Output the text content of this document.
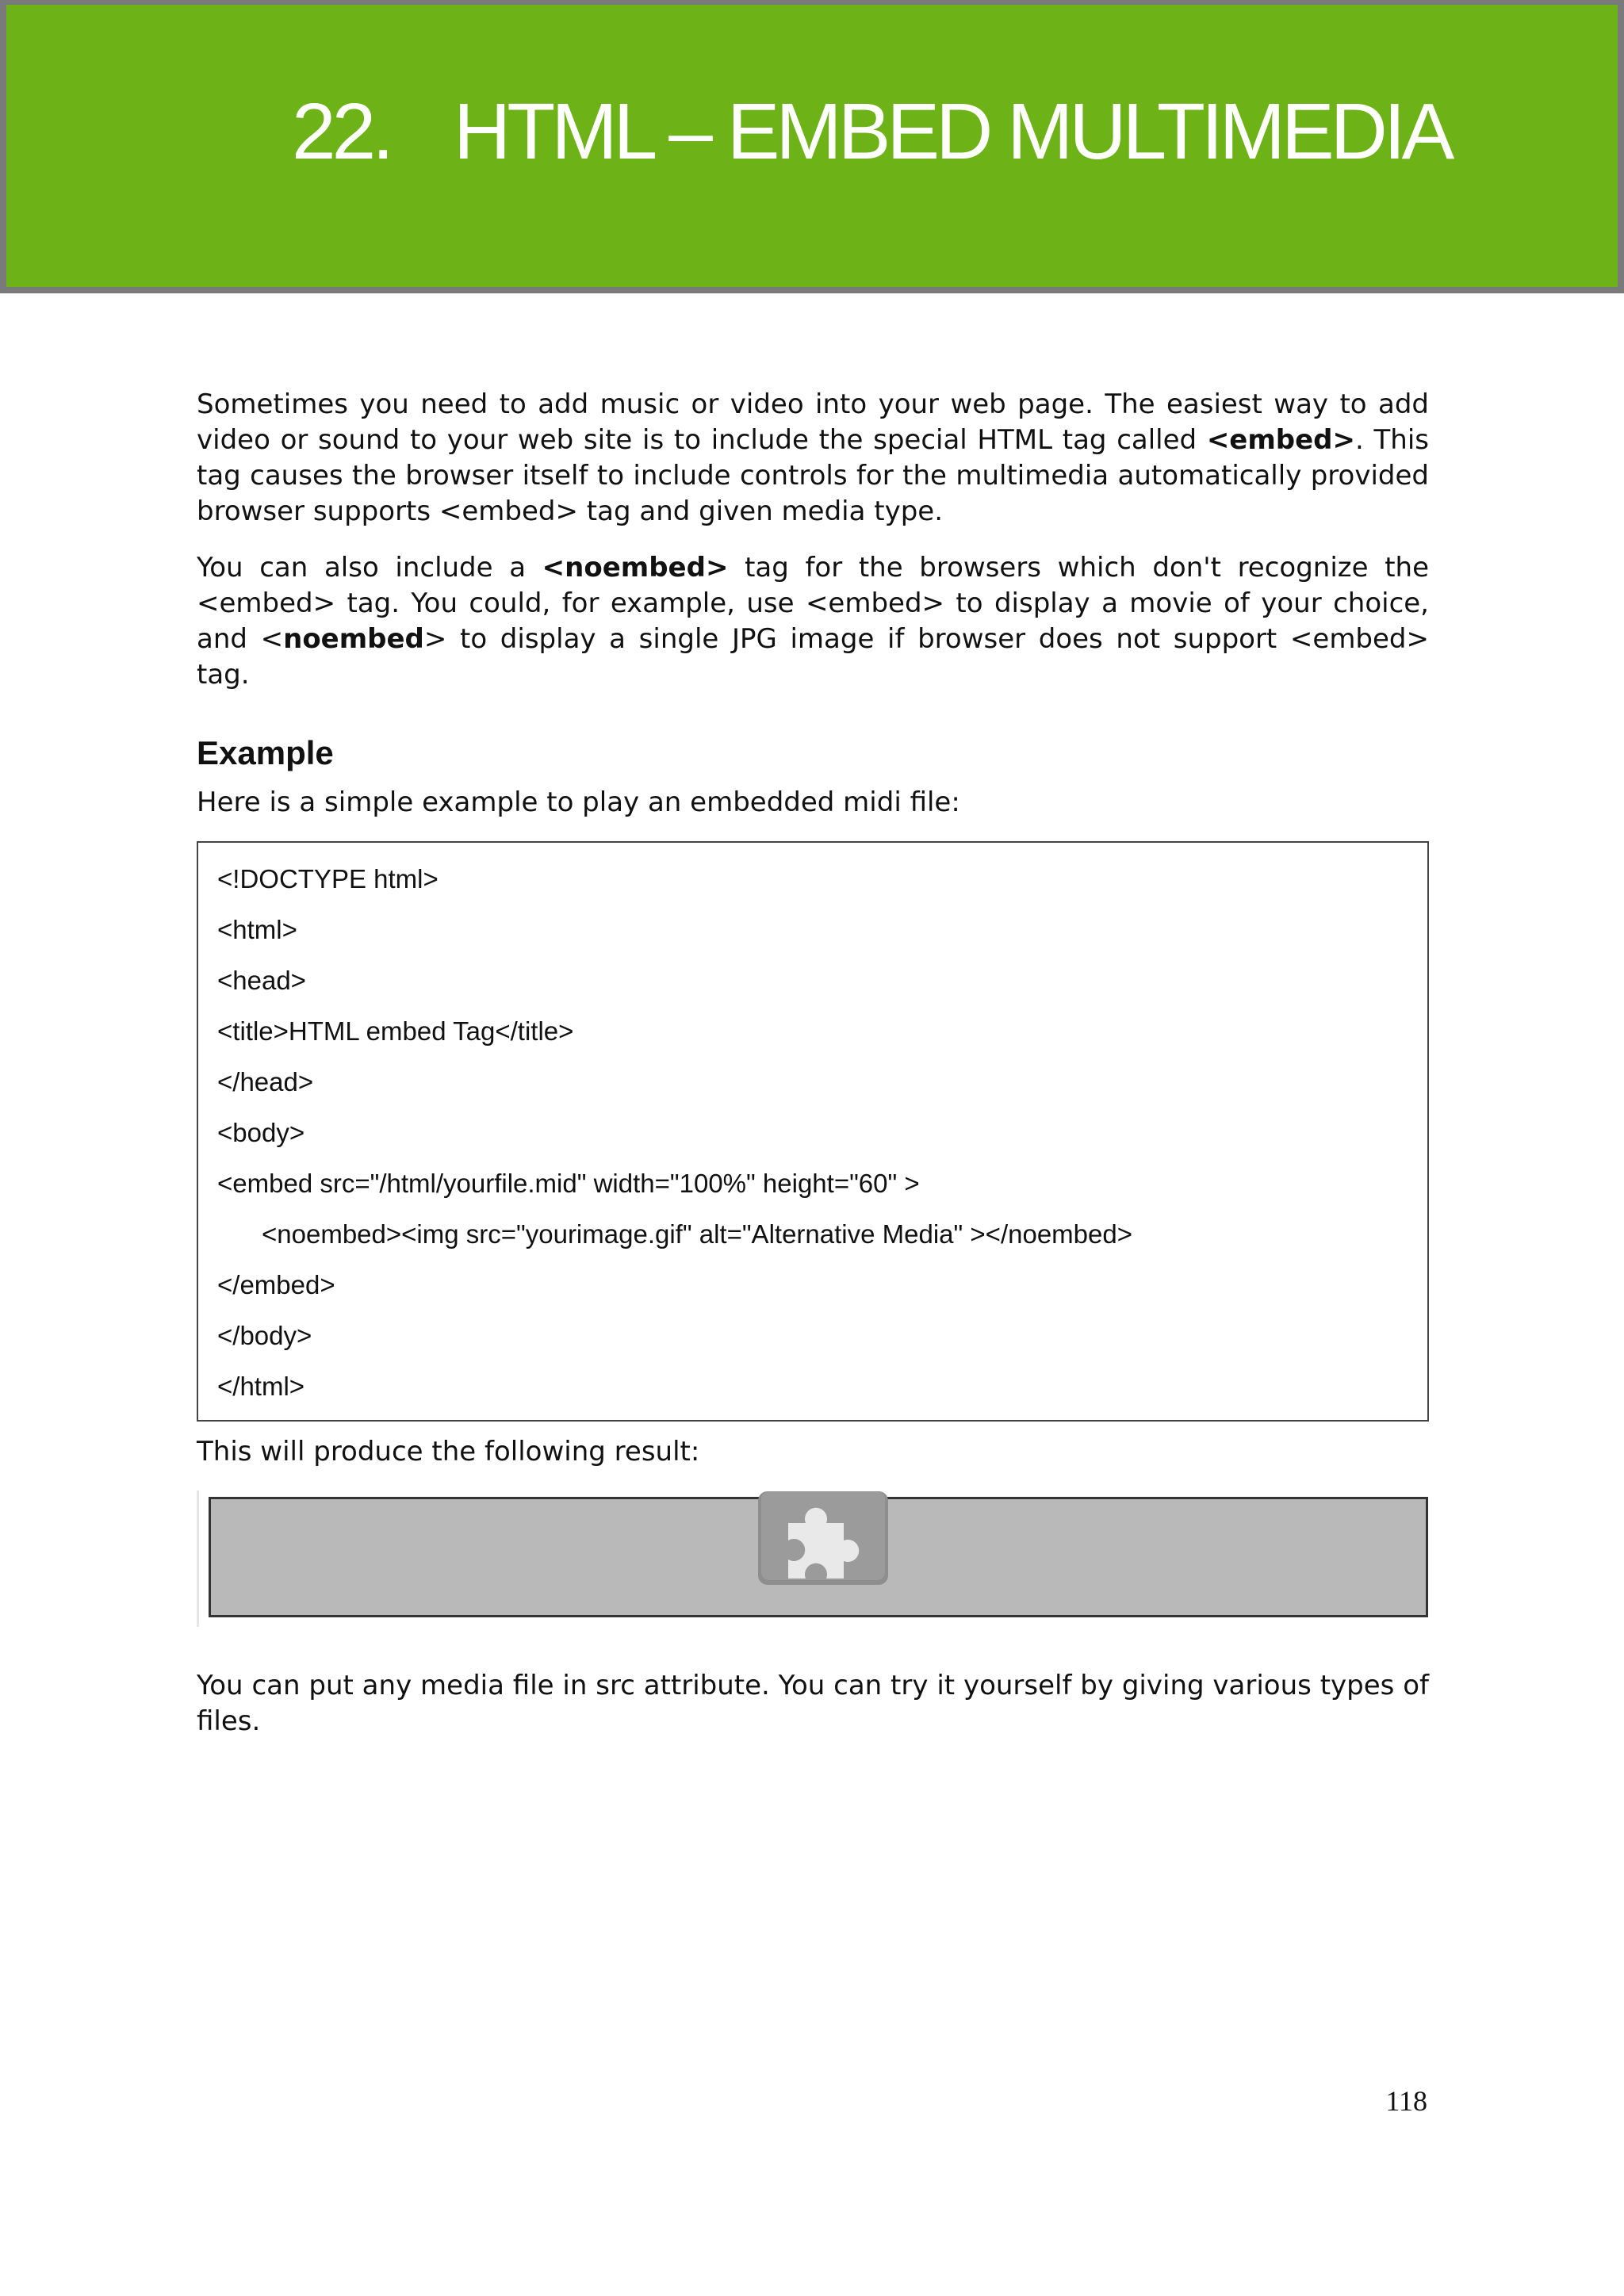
22. HTML – EMBED MULTIMEDIA

Sometimes you need to add music or video into your web page. The easiest way to add video or sound to your web site is to include the special HTML tag called <embed>. This tag causes the browser itself to include controls for the multimedia automatically provided browser supports <embed> tag and given media type.

You can also include a <noembed> tag for the browsers which don't recognize the <embed> tag. You could, for example, use <embed> to display a movie of your choice, and <noembed> to display a single JPG image if browser does not support <embed> tag.

Example

Here is a simple example to play an embedded midi file:

<!DOCTYPE html>
<html>
<head>
<title>HTML embed Tag</title>
</head>
<body>
<embed src="/html/yourfile.mid" width="100%" height="60" >
<noembed><img src="yourimage.gif" alt="Alternative Media" ></noembed>
</embed>
</body>
</html>

This will produce the following result:

You can put any media file in src attribute. You can try it yourself by giving various types of files.

118
